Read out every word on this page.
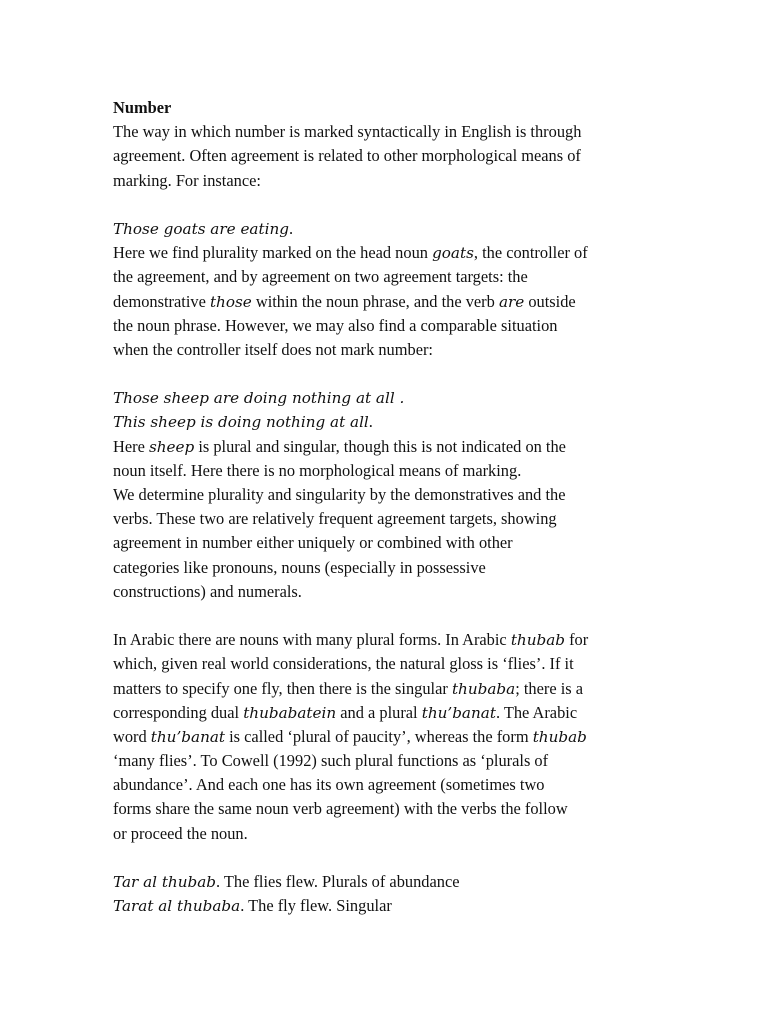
Number
The way in which number is marked syntactically in English is through
agreement. Often agreement is related to other morphological means of
marking. For instance:
Those goats are eating.
Here we find plurality marked on the head noun goats, the controller of
the agreement, and by agreement on two agreement targets: the
demonstrative those within the noun phrase, and the verb are outside
the noun phrase. However, we may also find a comparable situation
when the controller itself does not mark number:
Those sheep are doing nothing at all .
This sheep is doing nothing at all.
Here sheep is plural and singular, though this is not indicated on the
noun itself. Here there is no morphological means of marking.
We determine plurality and singularity by the demonstratives and the
verbs. These two are relatively frequent agreement targets, showing
agreement in number either uniquely or combined with other
categories like pronouns, nouns (especially in possessive
constructions) and numerals.
In Arabic there are nouns with many plural forms. In Arabic thubab for
which, given real world considerations, the natural gloss is ‘flies’. If it
matters to specify one fly, then there is the singular thubaba; there is a
corresponding dual thubabatein and a plural thu’banat. The Arabic
word thu’banat is called ‘plural of paucity’, whereas the form thubab
‘many flies’. To Cowell (1992) such plural functions as ‘plurals of
abundance’. And each one has its own agreement (sometimes two
forms share the same noun verb agreement) with the verbs the follow
or proceed the noun.
Tar al thubab. The flies flew. Plurals of abundance
Tarat al thubaba. The fly flew. Singular
